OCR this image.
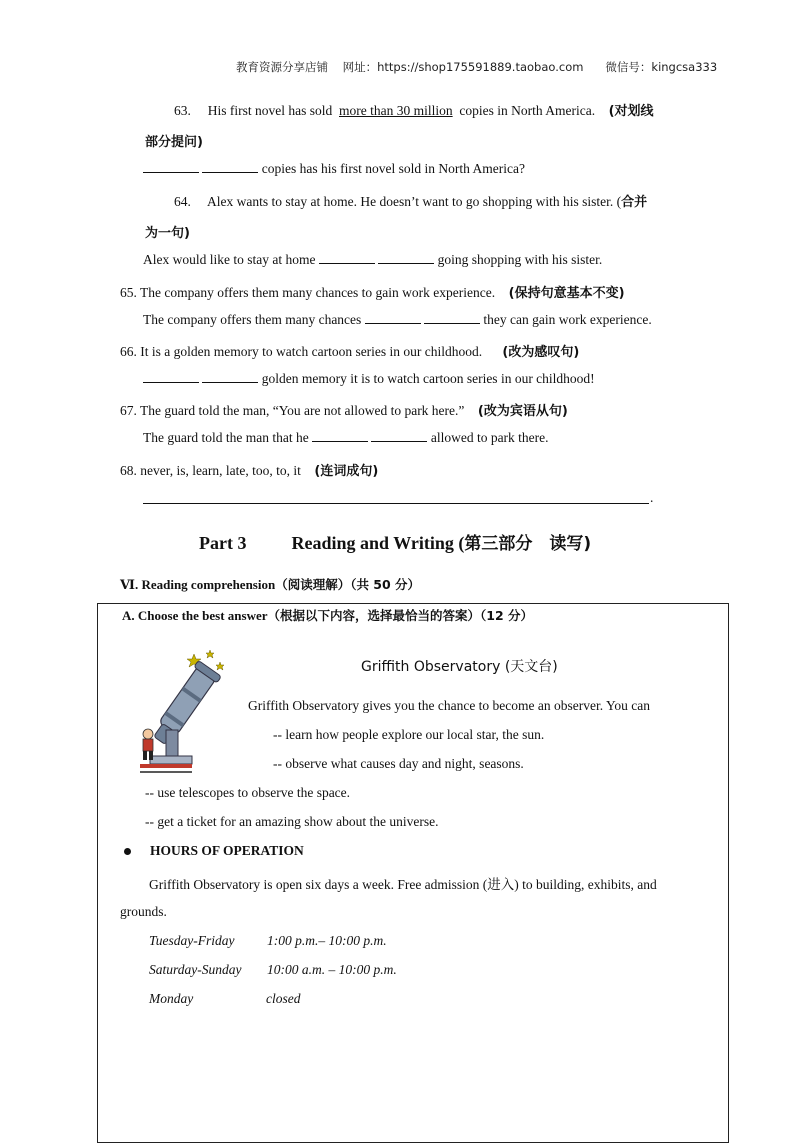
教育资源分享店铺 网址：https://shop175591889.taobao.com 微信号：kingcsa333
63. His first novel has sold more than 30 million copies in North America. (对划线
部分提问)
copies has his first novel sold in North America?
64. Alex wants to stay at home. He doesn’t want to go shopping with his sister. (合并
为一句)
Alex would like to stay at home	going shopping with his sister.
65. The company offers them many chances to gain work experience. (保持句意基本不变)
The company offers them many chances	they can gain work experience.
66. It is a golden memory to watch cartoon series in our childhood. (改为感叹句)
golden memory it is to watch cartoon series in our childhood!
67. The guard told the man, “You are not allowed to park here.” (改为宾语从句)
The guard told the man that he	allowed to park there.
68. never, is, learn, late, too, to, it (连词成句)
.
Part 3	Reading and Writing (第三部分　读写)
Ⅵ. Reading comprehension（阅读理解）（共 50 分）
A. Choose the best answer（根据以下内容，选择最恰当的答案）（12 分）
Griffith Observatory (天文台)
Griffith Observatory gives you the chance to become an observer. You can
-- learn how people explore our local star, the sun.
-- observe what causes day and night, seasons.
-- use telescopes to observe the space.
-- get a ticket for an amazing show about the universe.
HOURS OF OPERATION
Griffith Observatory is open six days a week. Free admission (进入) to building, exhibits, and
grounds.
Tuesday-Friday 1:00 p.m.– 10:00 p.m.
Saturday-Sunday 10:00 a.m. – 10:00 p.m.
Monday	closed
